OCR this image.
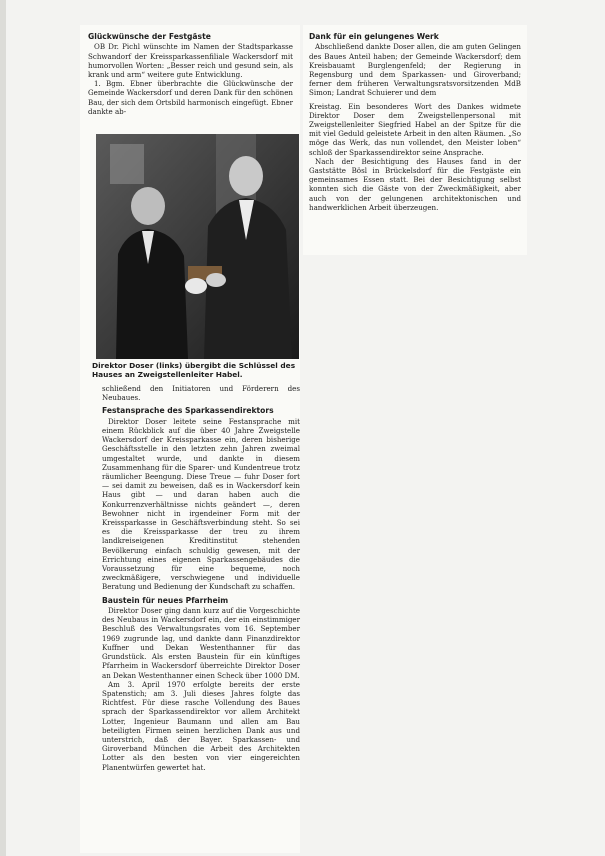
Glückwünsche der Festgäste

OB Dr. Pichl wünschte im Namen der Stadtsparkasse Schwandorf der Kreissparkassenfiliale Wackersdorf mit humorvollen Worten: „Besser reich und gesund sein, als krank und arm“ weitere gute Entwicklung.

1. Bgm. Ebner überbrachte die Glückwünsche der Gemeinde Wackersdorf und deren Dank für den schönen Bau, der sich dem Ortsbild harmonisch eingefügt. Ebner dankte ab-

Direktor Doser (links) übergibt die Schlüssel des Hauses an Zweigstellenleiter Habel.

schließend den Initiatoren und Förderern des Neubaues.

Festansprache des Sparkassendirektors

Direktor Doser leitete seine Festansprache mit einem Rückblick auf die über 40 Jahre Zweigstelle Wackersdorf der Kreissparkasse ein, deren bisherige Geschäftsstelle in den letzten zehn Jahren zweimal umgestaltet wurde, und dankte in diesem Zusammenhang für die Sparer- und Kundentreue trotz räumlicher Beengung. Diese Treue — fuhr Doser fort — sei damit zu beweisen, daß es in Wackersdorf kein Haus gibt — und daran haben auch die Konkurrenzverhältnisse nichts geändert —, deren Bewohner nicht in irgendeiner Form mit der Kreissparkasse in Geschäftsverbindung steht. So sei es die Kreissparkasse der treu zu ihrem landkreiseigenen Kreditinstitut stehenden Bevölkerung einfach schuldig gewesen, mit der Errichtung eines eigenen Sparkassengebäudes die Voraussetzung für eine bequeme, noch zweckmäßigere, verschwiegene und individuelle Beratung und Bedienung der Kundschaft zu schaffen.

Baustein für neues Pfarrheim

Direktor Doser ging dann kurz auf die Vorgeschichte des Neubaus in Wackersdorf ein, der ein einstimmiger Beschluß des Verwaltungsrates vom 16. September 1969 zugrunde lag, und dankte dann Finanzdirektor Kuffner und Dekan Westenthanner für das Grundstück. Als ersten Baustein für ein künftiges Pfarrheim in Wackersdorf überreichte Direktor Doser an Dekan Westenthanner einen Scheck über 1000 DM.

Am 3. April 1970 erfolgte bereits der erste Spatenstich; am 3. Juli dieses Jahres folgte das Richtfest. Für diese rasche Vollendung des Baues sprach der Sparkassendirektor vor allem Architekt Lotter, Ingenieur Baumann und allen am Bau beteiligten Firmen seinen herzlichen Dank aus und unterstrich, daß der Bayer. Sparkassen- und Giroverband München die Arbeit des Architekten Lotter als den besten von vier eingereichten Planentwürfen gewertet hat.

Dank für ein gelungenes Werk

Abschließend dankte Doser allen, die am guten Gelingen des Baues Anteil haben; der Gemeinde Wackersdorf; dem Kreisbauamt Burglengenfeld; der Regierung in Regensburg und dem Sparkassen- und Giroverband; ferner dem früheren Verwaltungsratsvorsitzenden MdB Simon; Landrat Schuierer und dem

Kreistag. Ein besonderes Wort des Dankes widmete Direktor Doser dem Zweigstellenpersonal mit Zweigstellenleiter Siegfried Habel an der Spitze für die mit viel Geduld geleistete Arbeit in den alten Räumen. „So möge das Werk, das nun vollendet, den Meister loben“ schloß der Sparkassendirektor seine Ansprache.

Nach der Besichtigung des Hauses fand in der Gaststätte Bösl in Brückelsdorf für die Festgäste ein gemeinsames Essen statt. Bei der Besichtigung selbst konnten sich die Gäste von der Zweckmäßigkeit, aber auch von der gelungenen architektonischen und handwerklichen Arbeit überzeugen.
